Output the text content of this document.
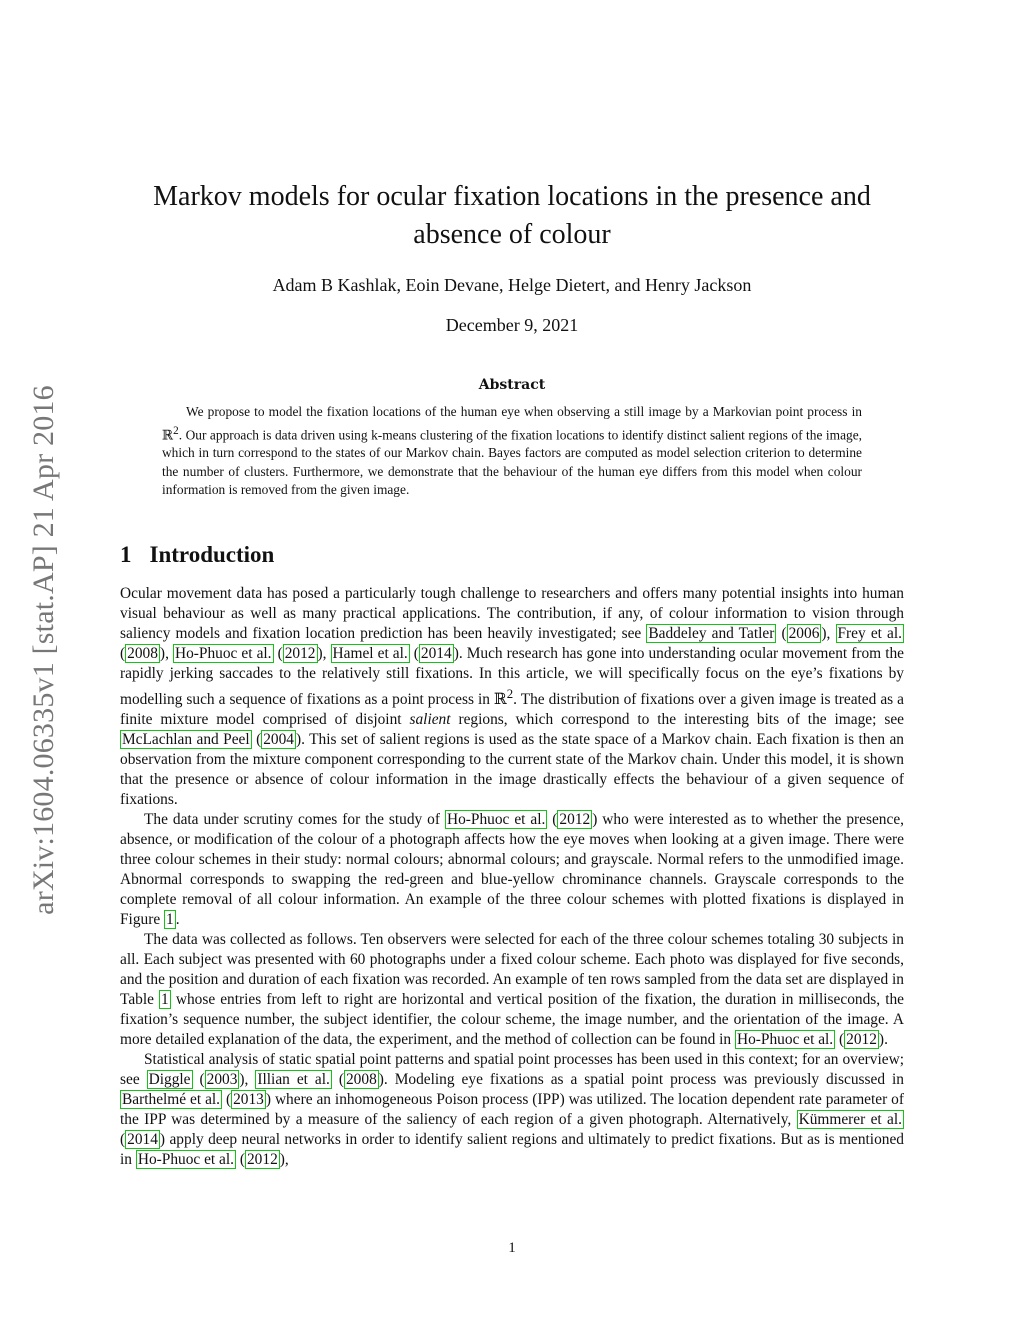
arXiv:1604.06335v1 [stat.AP] 21 Apr 2016
Markov models for ocular fixation locations in the presence and absence of colour
Adam B Kashlak, Eoin Devane, Helge Dietert, and Henry Jackson
December 9, 2021
Abstract

We propose to model the fixation locations of the human eye when observing a still image by a Markovian point process in ℝ$^2$. Our approach is data driven using k-means clustering of the fixation locations to identify distinct salient regions of the image, which in turn correspond to the states of our Markov chain. Bayes factors are computed as model selection criterion to determine the number of clusters. Furthermore, we demonstrate that the behaviour of the human eye differs from this model when colour information is removed from the given image.

1 Introduction

Ocular movement data has posed a particularly tough challenge to researchers and offers many potential insights into human visual behaviour as well as many practical applications. The contribution, if any, of colour information to vision through saliency models and fixation location prediction has been heavily investigated; see Baddeley and Tatler ( 2006 ), Frey et al. ( 2008 ), Ho-Phuoc et al. ( 2012 ), Hamel et al. ( 2014 ). Much research has gone into understanding ocular movement from the rapidly jerking saccades to the relatively still fixations. In this article, we will specifically focus on the eye’s fixations by modelling such a sequence of fixations as a point process in ℝ$^2$. The distribution of fixations over a given image is treated as a finite mixture model comprised of disjoint salient regions, which correspond to the interesting bits of the image; see McLachlan and Peel ( 2004 ). This set of salient regions is used as the state space of a Markov chain. Each fixation is then an observation from the mixture component corresponding to the current state of the Markov chain. Under this model, it is shown that the presence or absence of colour information in the image drastically effects the behaviour of a given sequence of fixations.

The data under scrutiny comes for the study of Ho-Phuoc et al. ( 2012 ) who were interested as to whether the presence, absence, or modification of the colour of a photograph affects how the eye moves when looking at a given image. There were three colour schemes in their study: normal colours; abnormal colours; and grayscale. Normal refers to the unmodified image. Abnormal corresponds to swapping the red-green and blue-yellow chrominance channels. Grayscale corresponds to the complete removal of all colour information. An example of the three colour schemes with plotted fixations is displayed in Figure 1 .

The data was collected as follows. Ten observers were selected for each of the three colour schemes totaling 30 subjects in all. Each subject was presented with 60 photographs under a fixed colour scheme. Each photo was displayed for five seconds, and the position and duration of each fixation was recorded. An example of ten rows sampled from the data set are displayed in Table 1 whose entries from left to right are horizontal and vertical position of the fixation, the duration in milliseconds, the fixation’s sequence number, the subject identifier, the colour scheme, the image number, and the orientation of the image. A more detailed explanation of the data, the experiment, and the method of collection can be found in Ho-Phuoc et al. ( 2012 ).

Statistical analysis of static spatial point patterns and spatial point processes has been used in this context; for an overview; see Diggle ( 2003 ), Illian et al. ( 2008 ). Modeling eye fixations as a spatial point process was previously discussed in Barthelmé et al. ( 2013 ) where an inhomogeneous Poison process (IPP) was utilized. The location dependent rate parameter of the IPP was determined by a measure of the saliency of each region of a given photograph. Alternatively, Kümmerer et al. ( 2014 ) apply deep neural networks in order to identify salient regions and ultimately to predict fixations. But as is mentioned in Ho-Phuoc et al. ( 2012 ),

1
